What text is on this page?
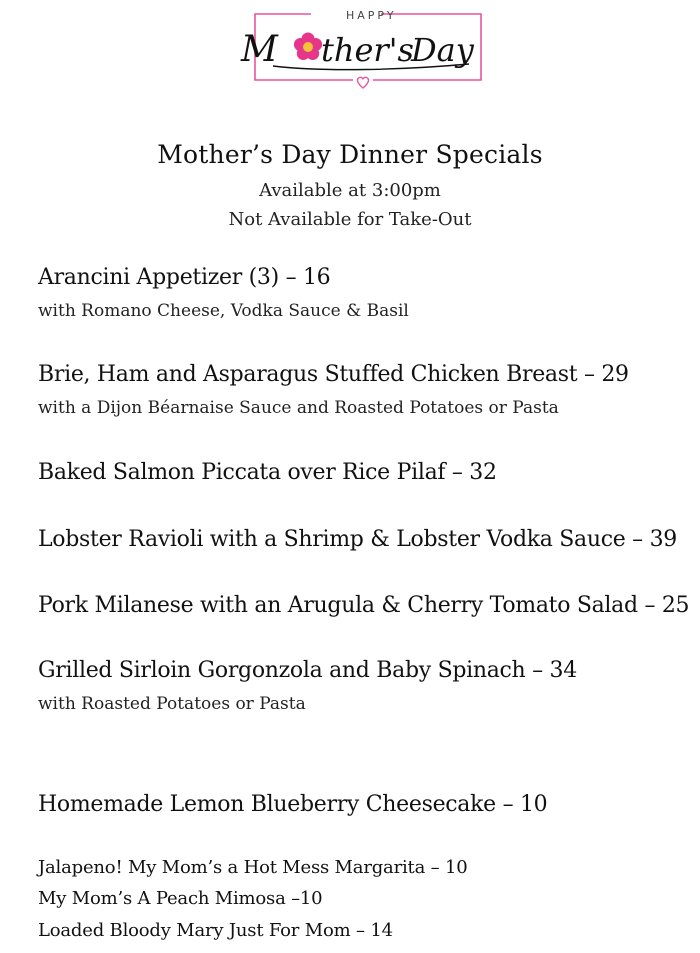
HAPPY
M ther's
Day
Mother’s Day Dinner Specials
Available at 3:00pm
Not Available for Take-Out
Arancini Appetizer (3) – 16
with Romano Cheese, Vodka Sauce & Basil
Brie, Ham and Asparagus Stuffed Chicken Breast – 29
with a Dijon Béarnaise Sauce and Roasted Potatoes or Pasta
Baked Salmon Piccata over Rice Pilaf – 32
Lobster Ravioli with a Shrimp & Lobster Vodka Sauce – 39
Pork Milanese with an Arugula & Cherry Tomato Salad – 25
Grilled Sirloin Gorgonzola and Baby Spinach – 34
with Roasted Potatoes or Pasta
Homemade Lemon Blueberry Cheesecake – 10
Jalapeno! My Mom’s a Hot Mess Margarita – 10
My Mom’s A Peach Mimosa –10
Loaded Bloody Mary Just For Mom – 14
